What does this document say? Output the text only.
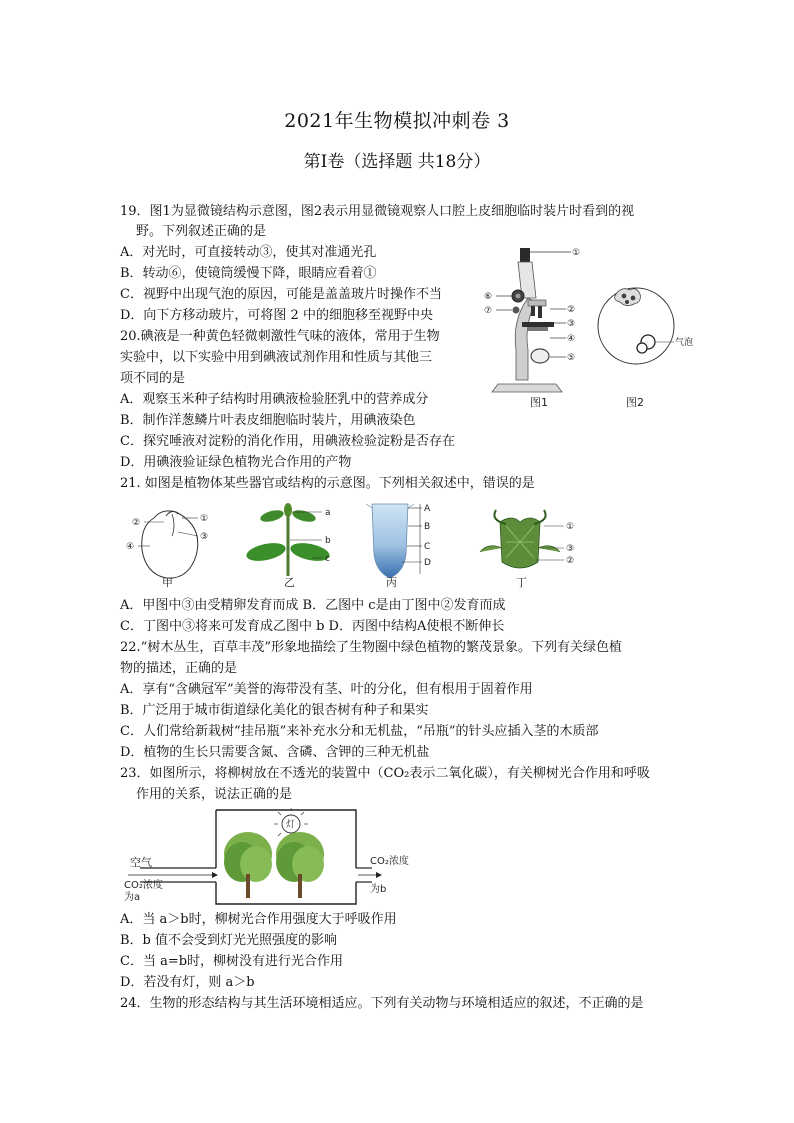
2021年生物模拟冲刺卷 3
第Ⅰ卷（选择题 共18分）
19．图1为显微镜结构示意图，图2表示用显微镜观察人口腔上皮细胞临时装片时看到的视
野。下列叙述正确的是
A．对光时，可直接转动③，使其对准通光孔
B．转动⑥，使镜筒缓慢下降，眼睛应看着①
C．视野中出现气泡的原因，可能是盖盖玻片时操作不当
D．向下方移动玻片，可将图 2 中的细胞移至视野中央
20.碘液是一种黄色轻微刺激性气味的液体，常用于生物
实验中，以下实验中用到碘液试剂作用和性质与其他三
项不同的是
A．观察玉米种子结构时用碘液检验胚乳中的营养成分
B．制作洋葱鳞片叶表皮细胞临时装片，用碘液染色
C．探究唾液对淀粉的消化作用，用碘液检验淀粉是否存在
D．用碘液验证绿色植物光合作用的产物
①
②
③
④
⑤
⑥
⑦
图1
气泡
图2
21. 如图是植物体某些器官或结构的示意图。下列相关叙述中，错误的是
②	①
③
④
甲
a
b
c
乙
A
B
C
D
丙
①
③
②
丁
A．甲图中③由受精卵发育而成 B．乙图中 c是由丁图中②发育而成
C．丁图中③将来可发育成乙图中 b D．丙图中结构A使根不断伸长
22.“树木丛生，百草丰茂”形象地描绘了生物圈中绿色植物的繁茂景象。下列有关绿色植
物的描述，正确的是
A．享有“含碘冠军”美誉的海带没有茎、叶的分化，但有根用于固着作用
B．广泛用于城市街道绿化美化的银杏树有种子和果实
C．人们常给新栽树“挂吊瓶”来补充水分和无机盐，“吊瓶”的针头应插入茎的木质部
D．植物的生长只需要含氮、含磷、含钾的三种无机盐
23．如图所示，将柳树放在不透光的装置中（CO₂表示二氧化碳），有关柳树光合作用和呼吸
作用的关系，说法正确的是
灯
空气
CO₂浓度
为a
CO₂浓度
为b
A．当 a＞b时，柳树光合作用强度大于呼吸作用
B．b 值不会受到灯光光照强度的影响
C．当 a=b时，柳树没有进行光合作用
D．若没有灯，则 a＞b
24．生物的形态结构与其生活环境相适应。下列有关动物与环境相适应的叙述，不正确的是
